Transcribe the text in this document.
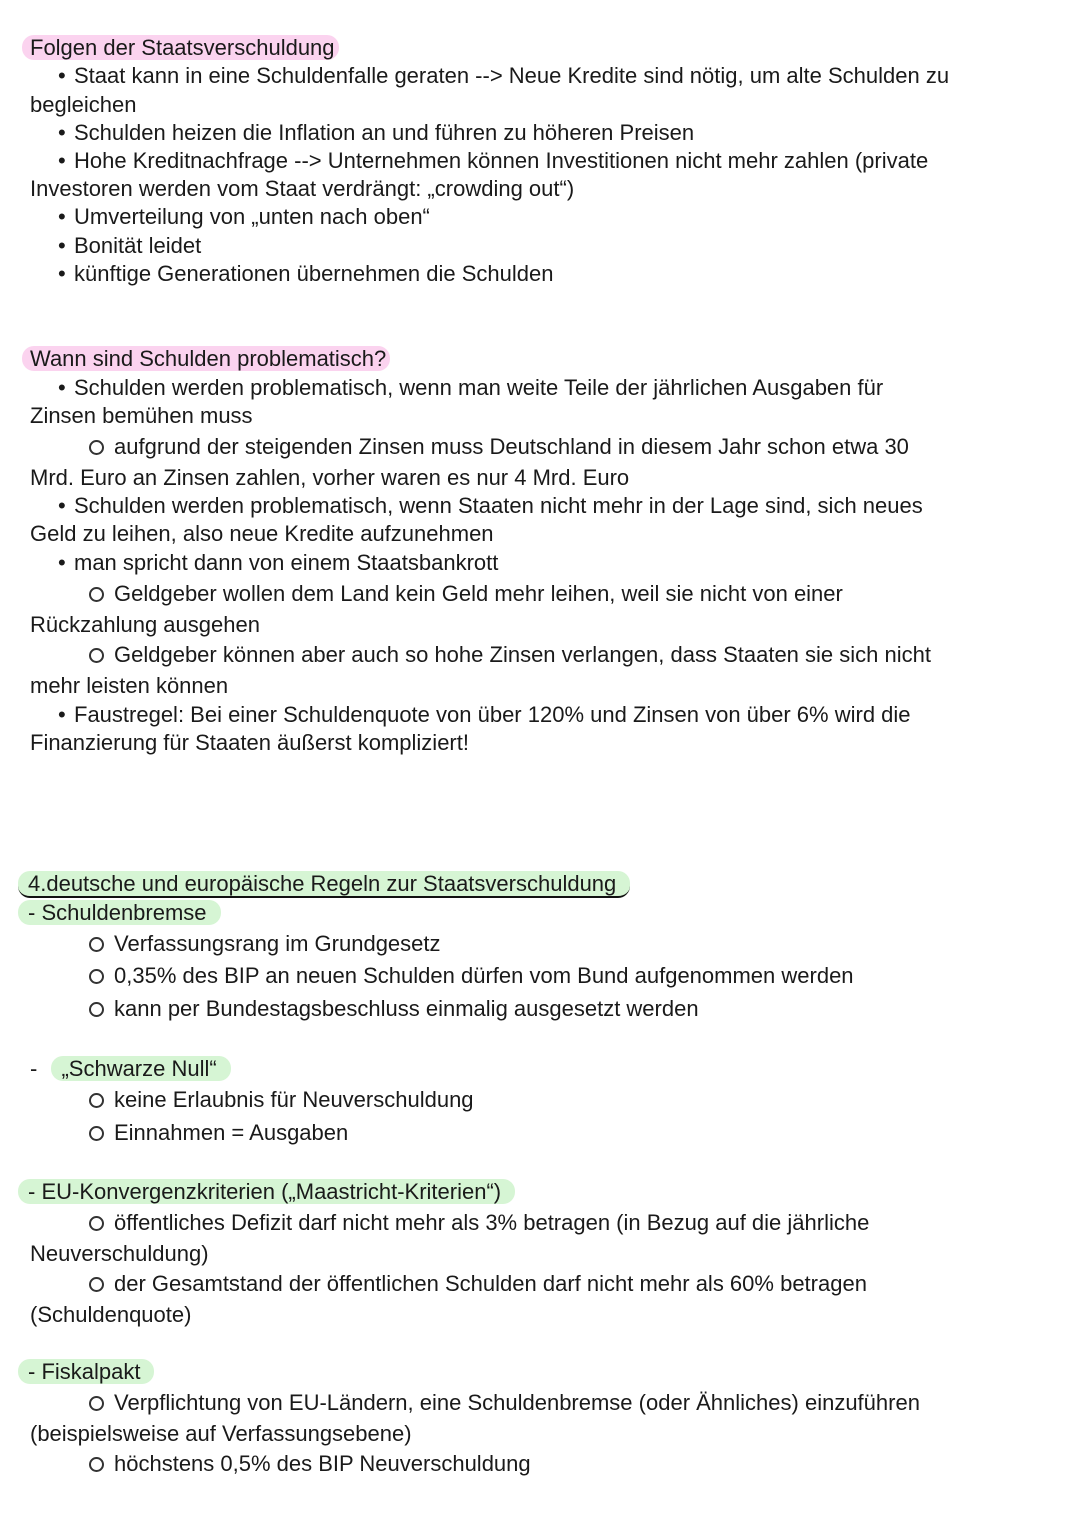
Folgen der Staatsverschuldung
• Staat kann in eine Schuldenfalle geraten --> Neue Kredite sind nötig, um alte Schulden zu
begleichen
• Schulden heizen die Inflation an und führen zu höheren Preisen
• Hohe Kreditnachfrage --> Unternehmen können Investitionen nicht mehr zahlen (private
Investoren werden vom Staat verdrängt: „crowding out“)
• Umverteilung von „unten nach oben“
• Bonität leidet
• künftige Generationen übernehmen die Schulden
Wann sind Schulden problematisch?
• Schulden werden problematisch, wenn man weite Teile der jährlichen Ausgaben für
Zinsen bemühen muss
aufgrund der steigenden Zinsen muss Deutschland in diesem Jahr schon etwa 30
Mrd. Euro an Zinsen zahlen, vorher waren es nur 4 Mrd. Euro
• Schulden werden problematisch, wenn Staaten nicht mehr in der Lage sind, sich neues
Geld zu leihen, also neue Kredite aufzunehmen
• man spricht dann von einem Staatsbankrott
Geldgeber wollen dem Land kein Geld mehr leihen, weil sie nicht von einer
Rückzahlung ausgehen
Geldgeber können aber auch so hohe Zinsen verlangen, dass Staaten sie sich nicht
mehr leisten können
• Faustregel: Bei einer Schuldenquote von über 120% und Zinsen von über 6% wird die
Finanzierung für Staaten äußerst kompliziert!
4.deutsche und europäische Regeln zur Staatsverschuldung
- Schuldenbremse
Verfassungsrang im Grundgesetz
0,35% des BIP an neuen Schulden dürfen vom Bund aufgenommen werden
kann per Bundestagsbeschluss einmalig ausgesetzt werden
- „Schwarze Null“
keine Erlaubnis für Neuverschuldung
Einnahmen = Ausgaben
- EU-Konvergenzkriterien („Maastricht-Kriterien“)
öffentliches Defizit darf nicht mehr als 3% betragen (in Bezug auf die jährliche
Neuverschuldung)
der Gesamtstand der öffentlichen Schulden darf nicht mehr als 60% betragen
(Schuldenquote)
- Fiskalpakt
Verpflichtung von EU-Ländern, eine Schuldenbremse (oder Ähnliches) einzuführen
(beispielsweise auf Verfassungsebene)
höchstens 0,5% des BIP Neuverschuldung
